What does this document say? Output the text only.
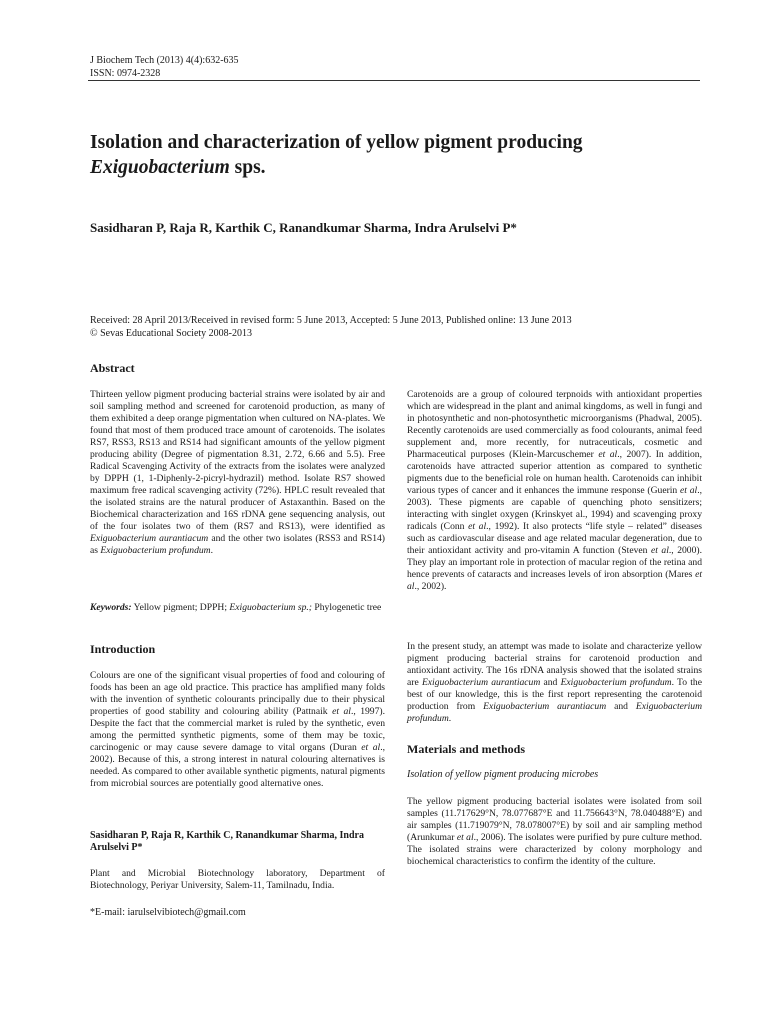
J Biochem Tech (2013) 4(4):632-635
ISSN: 0974-2328
Isolation and characterization of yellow pigment producing
Exiguobacterium sps.
Sasidharan P, Raja R, Karthik C, Ranandkumar Sharma, Indra Arulselvi P*
Received: 28 April 2013/Received in revised form: 5 June 2013, Accepted: 5 June 2013, Published online: 13 June 2013
© Sevas Educational Society 2008-2013
Abstract

Thirteen yellow pigment producing bacterial strains were isolated by air and soil sampling method and screened for carotenoid production, as many of them exhibited a deep orange pigmentation when cultured on NA-plates. We found that most of them produced trace amount of carotenoids. The isolates RS7, RSS3, RS13 and RS14 had significant amounts of the yellow pigment producing ability (Degree of pigmentation 8.31, 2.72, 6.66 and 5.5). Free Radical Scavenging Activity of the extracts from the isolates were analyzed by DPPH (1, 1-Diphenly-2-picryl-hydrazil) method. Isolate RS7 showed maximum free radical scavenging activity (72%). HPLC result revealed that the isolated strains are the natural producer of Astaxanthin. Based on the Biochemical characterization and 16S rDNA gene sequencing analysis, out of the four isolates two of them (RS7 and RS13), were identified as Exiguobacterium aurantiacum and the other two isolates (RSS3 and RS14) as Exiguobacterium profundum.

Keywords: Yellow pigment; DPPH; Exiguobacterium sp.; Phylogenetic tree

Introduction

Colours are one of the significant visual properties of food and colouring of foods has been an age old practice. This practice has amplified many folds with the invention of synthetic colourants principally due to their physical properties of good stability and colouring ability (Pattnaik et al., 1997). Despite the fact that the commercial market is ruled by the synthetic, even among the permitted synthetic pigments, some of them may be toxic, carcinogenic or may cause severe damage to vital organs (Duran et al., 2002). Because of this, a strong interest in natural colouring alternatives is needed. As compared to other available synthetic pigments, natural pigments from microbial sources are potentially good alternative ones.

Sasidharan P, Raja R, Karthik C, Ranandkumar Sharma, Indra Arulselvi P*

Plant and Microbial Biotechnology laboratory, Department of Biotechnology, Periyar University, Salem-11, Tamilnadu, India.

*E-mail: iarulselvibiotech@gmail.com

Carotenoids are a group of coloured terpnoids with antioxidant properties which are widespread in the plant and animal kingdoms, as well in fungi and in photosynthetic and non-photosynthetic microorganisms (Phadwal, 2005). Recently carotenoids are used commercially as food colourants, animal feed supplement and, more recently, for nutraceuticals, cosmetic and Pharmaceutical purposes (Klein-Marcuschemer et al., 2007). In addition, carotenoids have attracted superior attention as compared to synthetic pigments due to the beneficial role on human health. Carotenoids can inhibit various types of cancer and it enhances the immune response (Guerin et al., 2003). These pigments are capable of quenching photo sensitizers; interacting with singlet oxygen (Krinskyet al., 1994) and scavenging proxy radicals (Conn et al., 1992). It also protects “life style – related” diseases such as cardiovascular disease and age related macular degeneration, due to their antioxidant activity and pro-vitamin A function (Steven et al., 2000). They play an important role in protection of macular region of the retina and hence prevents of cataracts and increases levels of iron absorption (Mares et al., 2002).

In the present study, an attempt was made to isolate and characterize yellow pigment producing bacterial strains for carotenoid production and antioxidant activity. The 16s rDNA analysis showed that the isolated strains are Exiguobacterium aurantiacum and Exiguobacterium profundum. To the best of our knowledge, this is the first report representing the carotenoid production from Exiguobacterium aurantiacum and Exiguobacterium profundum.

Materials and methods
Isolation of yellow pigment producing microbes

The yellow pigment producing bacterial isolates were isolated from soil samples (11.717629°N, 78.077687°E and 11.756643°N, 78.040488°E) and air samples (11.719079°N, 78.078007°E) by soil and air sampling method (Arunkumar et al., 2006). The isolates were purified by pure culture method. The isolated strains were characterized by colony morphology and biochemical characteristics to confirm the identity of the culture.
